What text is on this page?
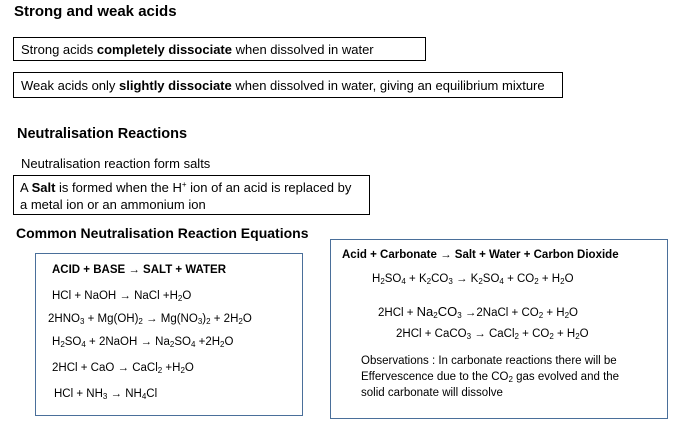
Strong and weak acids
Strong acids completely dissociate when dissolved in water
Weak acids only slightly dissociate when dissolved in water, giving an equilibrium mixture
Neutralisation Reactions
Neutralisation reaction form salts
A Salt is formed when the H+ ion of an acid is replaced by
a metal ion or an ammonium ion
Common Neutralisation Reaction Equations
ACID + BASE → SALT + WATER
HCl + NaOH → NaCl $+H_2O$
$2HNO_3 + Mg(OH)_2 \to Mg(NO_3)_2 + 2H_2O$
$H_2SO_4$ + 2NaOH → $Na_2SO_4 +2H_2O$
2HCl + CaO → CaCl$_2$ $+H_2O$
HCl + $NH_3 \to NH_4Cl$
Acid + Carbonate → Salt + Water + Carbon Dioxide
$H_2SO_4 + K_2CO_3 \to K_2SO_4 + CO_2 + H_2O$
$2HCl + Na_2CO_3$ →2NaCl + $CO_2 + H_2O$
2HCl + CaCO$_3$ → CaCl$_2$ + $CO_2 + H_2O$
Observations : In carbonate reactions there will be
Effervescence due to the $CO_2$ gas evolved and the
solid carbonate will dissolve
